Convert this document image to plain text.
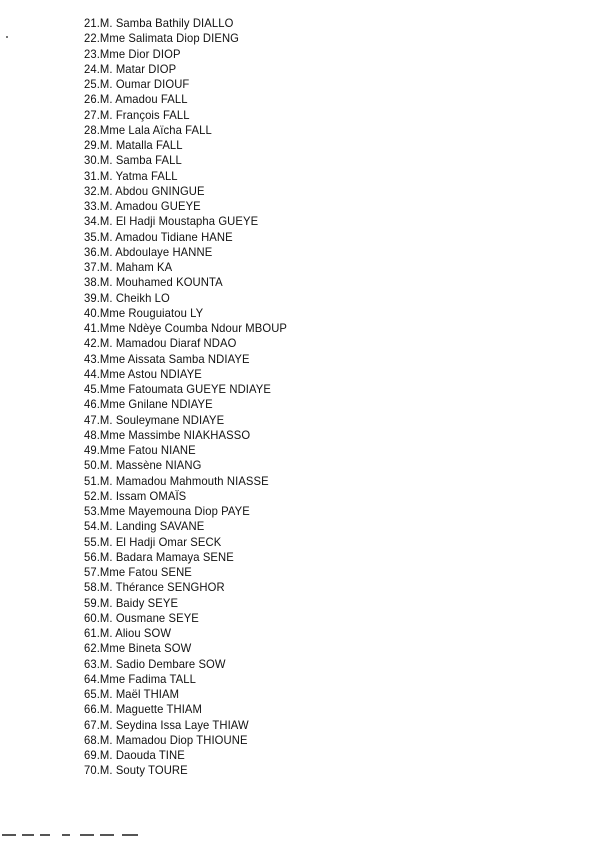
21.M. Samba Bathily DIALLO
22.Mme Salimata Diop DIENG
23.Mme Dior DIOP
24.M. Matar DIOP
25.M. Oumar DIOUF
26.M. Amadou FALL
27.M. François FALL
28.Mme Lala Aïcha FALL
29.M. Matalla FALL
30.M. Samba FALL
31.M. Yatma FALL
32.M. Abdou GNINGUE
33.M. Amadou GUEYE
34.M. El Hadji Moustapha GUEYE
35.M. Amadou Tidiane HANE
36.M. Abdoulaye HANNE
37.M. Maham KA
38.M. Mouhamed KOUNTA
39.M. Cheikh LO
40.Mme Rouguiatou LY
41.Mme Ndèye Coumba Ndour MBOUP
42.M. Mamadou Diaraf NDAO
43.Mme Aissata Samba NDIAYE
44.Mme Astou NDIAYE
45.Mme Fatoumata GUEYE NDIAYE
46.Mme Gnilane NDIAYE
47.M. Souleymane NDIAYE
48.Mme Massimbe NIAKHASSO
49.Mme Fatou NIANE
50.M. Massène NIANG
51.M. Mamadou Mahmouth NIASSE
52.M. Issam OMAÏS
53.Mme Mayemouna Diop PAYE
54.M. Landing SAVANE
55.M. El Hadji Omar SECK
56.M. Badara Mamaya SENE
57.Mme Fatou SENE
58.M. Thérance SENGHOR
59.M. Baidy SEYE
60.M. Ousmane SEYE
61.M. Aliou SOW
62.Mme Bineta SOW
63.M. Sadio Dembare SOW
64.Mme Fadima TALL
65.M. Maël THIAM
66.M. Maguette THIAM
67.M. Seydina Issa Laye THIAW
68.M. Mamadou Diop THIOUNE
69.M. Daouda TINE
70.M. Souty TOURE
